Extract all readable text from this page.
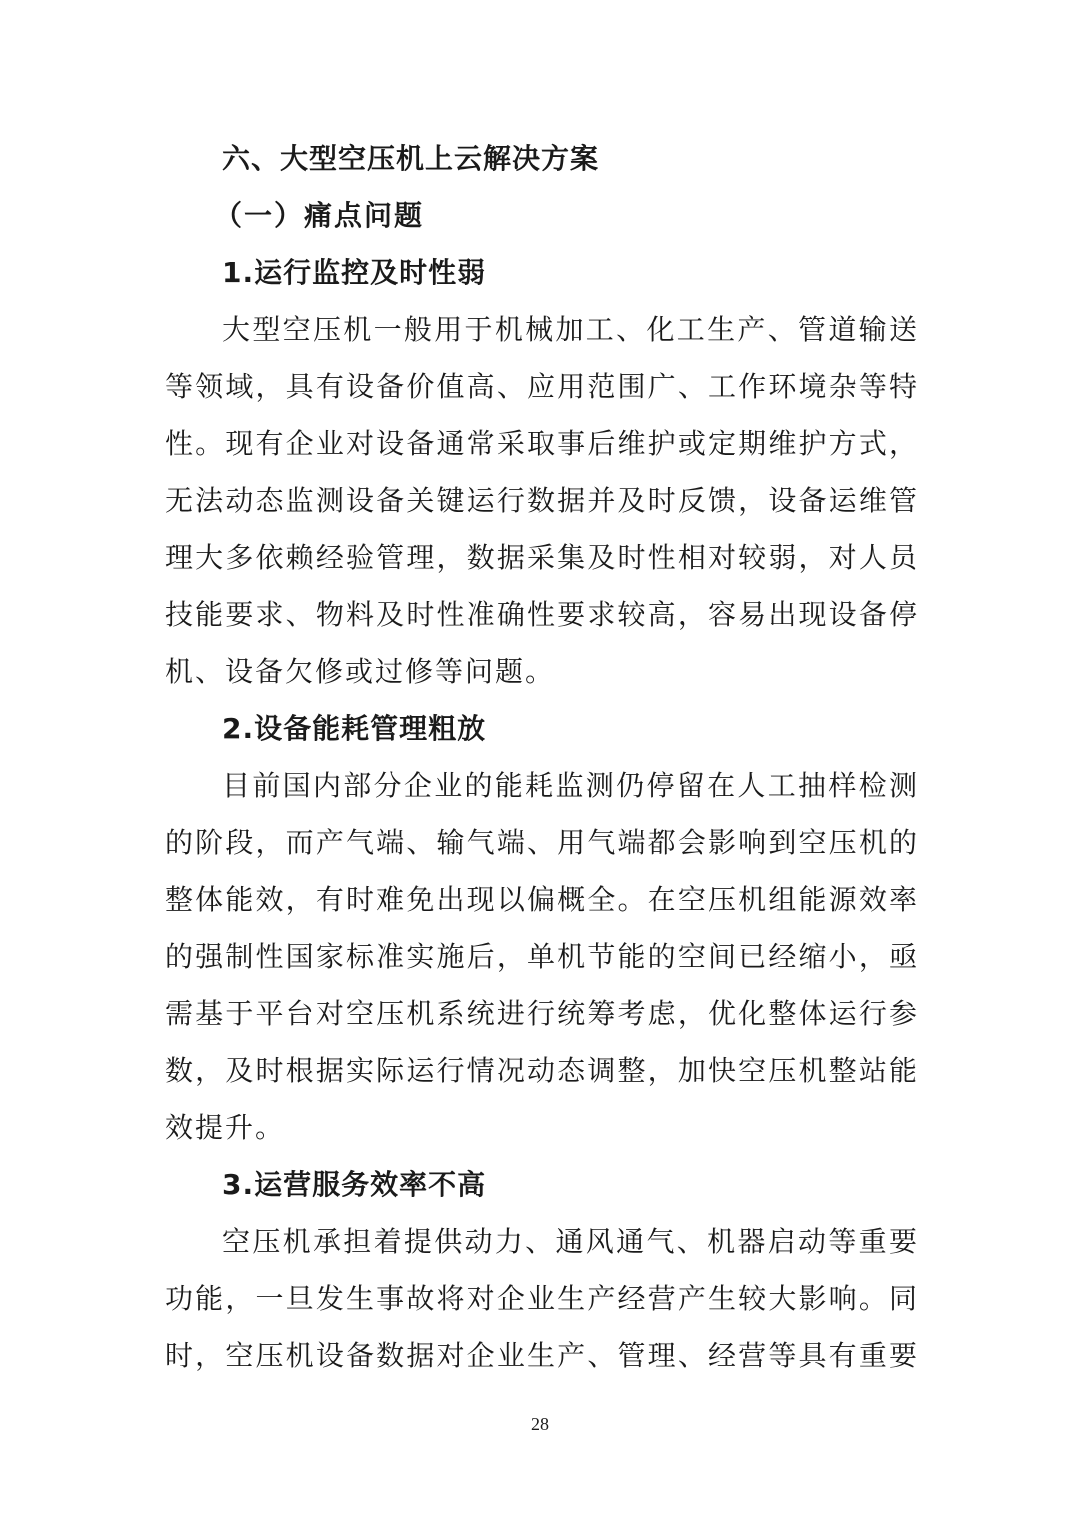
六、大型空压机上云解决方案
（一）痛点问题
1.运行监控及时性弱
大型空压机一般用于机械加工、化工生产、管道输送
等领域，具有设备价值高、应用范围广、工作环境杂等特
性。现有企业对设备通常采取事后维护或定期维护方式，
无法动态监测设备关键运行数据并及时反馈，设备运维管
理大多依赖经验管理，数据采集及时性相对较弱，对人员
技能要求、物料及时性准确性要求较高，容易出现设备停
机、设备欠修或过修等问题。
2.设备能耗管理粗放
目前国内部分企业的能耗监测仍停留在人工抽样检测
的阶段，而产气端、输气端、用气端都会影响到空压机的
整体能效，有时难免出现以偏概全。在空压机组能源效率
的强制性国家标准实施后，单机节能的空间已经缩小，亟
需基于平台对空压机系统进行统筹考虑，优化整体运行参
数，及时根据实际运行情况动态调整，加快空压机整站能
效提升。
3.运营服务效率不高
空压机承担着提供动力、通风通气、机器启动等重要
功能，一旦发生事故将对企业生产经营产生较大影响。同
时，空压机设备数据对企业生产、管理、经营等具有重要
28
